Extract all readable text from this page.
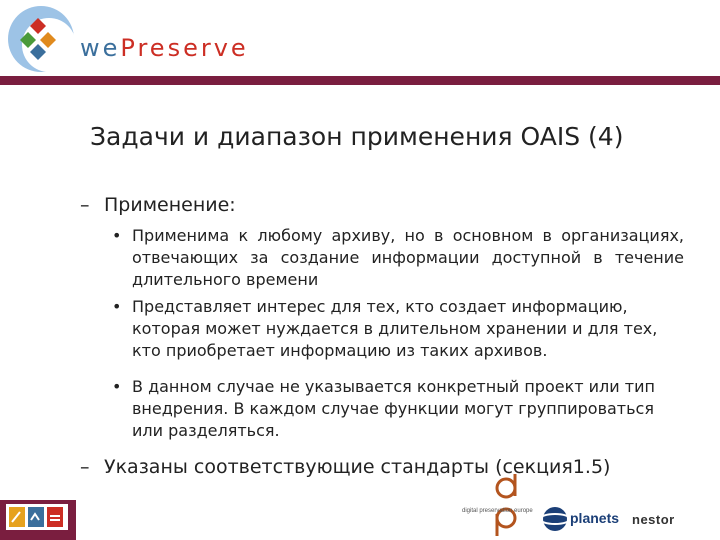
wePreserve
Задачи и диапазон применения OAIS (4)
– Применение:
• Применима к любому архиву, но в основном в организациях, отвечающих за создание информации доступной в течение длительного времени
• Представляет интерес для тех, кто создает информацию, которая может нуждается в длительном хранении и для тех, кто приобретает информацию из таких архивов.
• В данном случае не указывается конкретный проект или тип внедрения. В каждом случае функции могут группироваться или разделяться.
– Указаны соответствующие стандарты (секция1.5)
digital preservation europe	planets nestor
